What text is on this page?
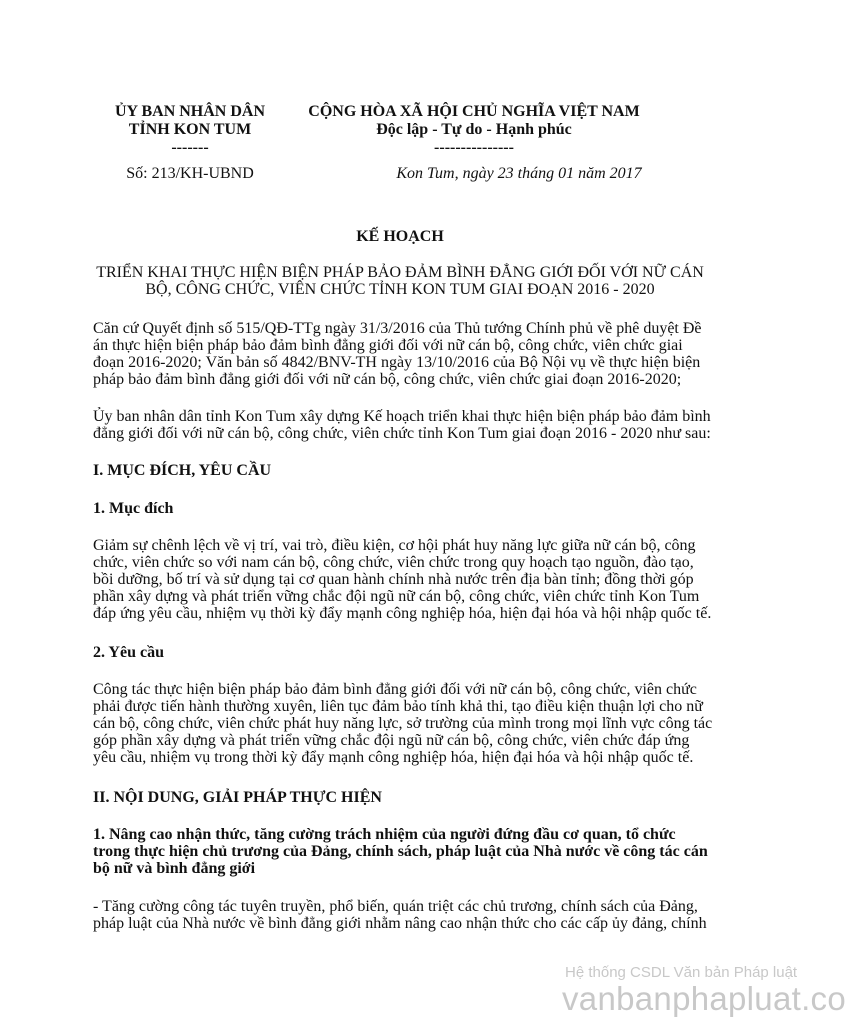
ỦY BAN NHÂN DÂN
TỈNH KON TUM
-------
Số: 213/KH-UBND
CỘNG HÒA XÃ HỘI CHỦ NGHĨA VIỆT NAM
Độc lập - Tự do - Hạnh phúc
---------------
Kon Tum, ngày 23 tháng 01 năm 2017
KẾ HOẠCH
TRIỂN KHAI THỰC HIỆN BIỆN PHÁP BẢO ĐẢM BÌNH ĐẲNG GIỚI ĐỐI VỚI NỮ CÁN
BỘ, CÔNG CHỨC, VIÊN CHỨC TỈNH KON TUM GIAI ĐOẠN 2016 - 2020
Căn cứ Quyết định số 515/QĐ-TTg ngày 31/3/2016 của Thủ tướng Chính phủ về phê duyệt Đề án thực hiện biện pháp bảo đảm bình đẳng giới đối với nữ cán bộ, công chức, viên chức giai đoạn 2016-2020; Văn bản số 4842/BNV-TH ngày 13/10/2016 của Bộ Nội vụ về thực hiện biện pháp bảo đảm bình đẳng giới đối với nữ cán bộ, công chức, viên chức giai đoạn 2016-2020;
Ủy ban nhân dân tỉnh Kon Tum xây dựng Kế hoạch triển khai thực hiện biện pháp bảo đảm bình đẳng giới đối với nữ cán bộ, công chức, viên chức tỉnh Kon Tum giai đoạn 2016 - 2020 như sau:
I. MỤC ĐÍCH, YÊU CẦU
1. Mục đích
Giảm sự chênh lệch về vị trí, vai trò, điều kiện, cơ hội phát huy năng lực giữa nữ cán bộ, công chức, viên chức so với nam cán bộ, công chức, viên chức trong quy hoạch tạo nguồn, đào tạo, bồi dưỡng, bố trí và sử dụng tại cơ quan hành chính nhà nước trên địa bàn tỉnh; đồng thời góp phần xây dựng và phát triển vững chắc đội ngũ nữ cán bộ, công chức, viên chức tỉnh Kon Tum đáp ứng yêu cầu, nhiệm vụ thời kỳ đẩy mạnh công nghiệp hóa, hiện đại hóa và hội nhập quốc tế.
2. Yêu cầu
Công tác thực hiện biện pháp bảo đảm bình đẳng giới đối với nữ cán bộ, công chức, viên chức phải được tiến hành thường xuyên, liên tục đảm bảo tính khả thi, tạo điều kiện thuận lợi cho nữ cán bộ, công chức, viên chức phát huy năng lực, sở trường của mình trong mọi lĩnh vực công tác góp phần xây dựng và phát triển vững chắc đội ngũ nữ cán bộ, công chức, viên chức đáp ứng yêu cầu, nhiệm vụ trong thời kỳ đẩy mạnh công nghiệp hóa, hiện đại hóa và hội nhập quốc tế.
II. NỘI DUNG, GIẢI PHÁP THỰC HIỆN
1. Nâng cao nhận thức, tăng cường trách nhiệm của người đứng đầu cơ quan, tổ chức trong thực hiện chủ trương của Đảng, chính sách, pháp luật của Nhà nước về công tác cán bộ nữ và bình đẳng giới
- Tăng cường công tác tuyên truyền, phổ biến, quán triệt các chủ trương, chính sách của Đảng, pháp luật của Nhà nước về bình đẳng giới nhằm nâng cao nhận thức cho các cấp ủy đảng, chính
Hệ thống CSDL Văn bản Pháp luật
vanbanphapluat.co
